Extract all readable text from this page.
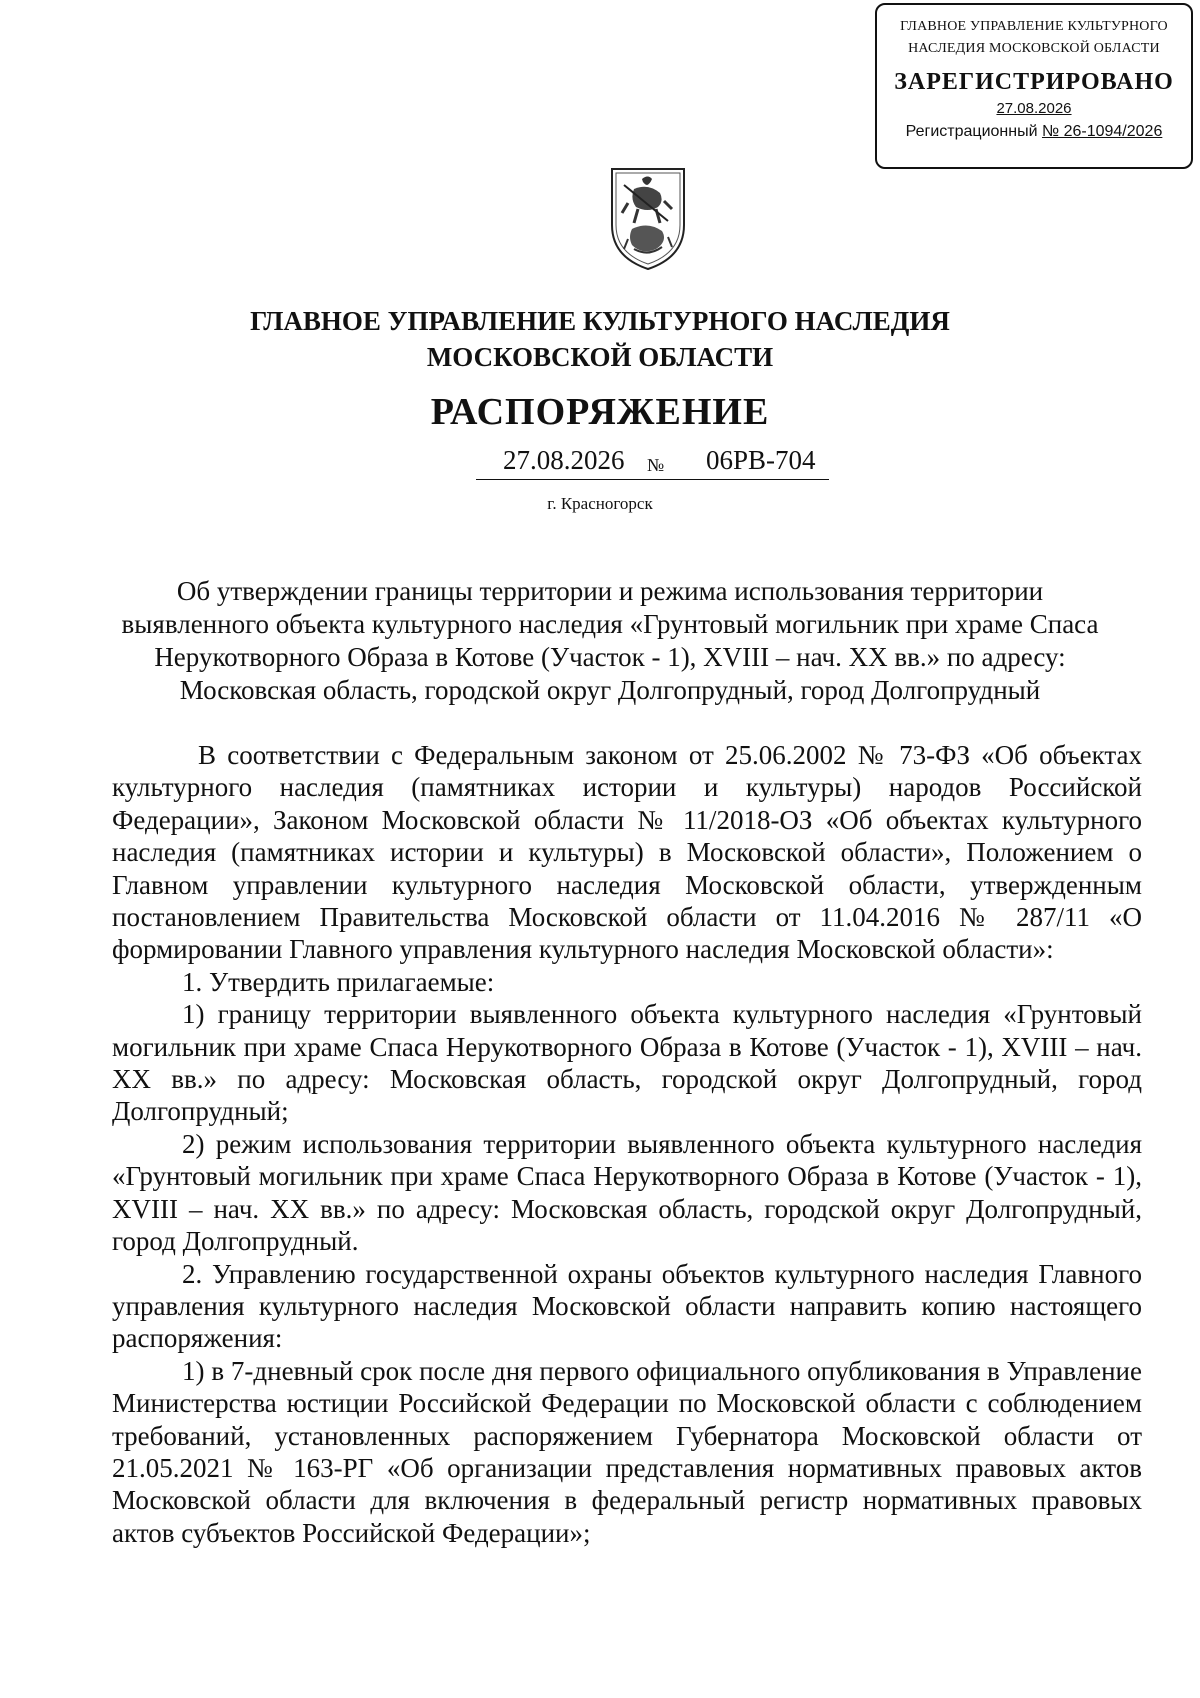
ГЛАВНОЕ УПРАВЛЕНИЕ КУЛЬТУРНОГО
НАСЛЕДИЯ МОСКОВСКОЙ ОБЛАСТИ
ЗАРЕГИСТРИРОВАНО
27.08.2026
Регистрационный № 26-1094/2026
ГЛАВНОЕ УПРАВЛЕНИЕ КУЛЬТУРНОГО НАСЛЕДИЯ
МОСКОВСКОЙ ОБЛАСТИ
РАСПОРЯЖЕНИЕ
27.08.2026 № 06РВ-704
г. Красногорск
Об утверждении границы территории и режима использования территории
выявленного объекта культурного наследия «Грунтовый могильник при храме Спаса
Нерукотворного Образа в Котове (Участок - 1), XVIII – нач. XX вв.» по адресу:
Московская область, городской округ Долгопрудный, город Долгопрудный

В соответствии с Федеральным законом от 25.06.2002 № 73-ФЗ «Об объектах культурного наследия (памятниках истории и культуры) народов Российской Федерации», Законом Московской области № 11/2018-ОЗ «Об объектах культурного наследия (памятниках истории и культуры) в Московской области», Положением о Главном управлении культурного наследия Московской области, утвержденным постановлением Правительства Московской области от 11.04.2016 № 287/11 «О формировании Главного управления культурного наследия Московской области»:

1. Утвердить прилагаемые:

1) границу территории выявленного объекта культурного наследия «Грунтовый могильник при храме Спаса Нерукотворного Образа в Котове (Участок - 1), XVIII – нач. XX вв.» по адресу: Московская область, городской округ Долгопрудный, город Долгопрудный;

2) режим использования территории выявленного объекта культурного наследия «Грунтовый могильник при храме Спаса Нерукотворного Образа в Котове (Участок - 1), XVIII – нач. XX вв.» по адресу: Московская область, городской округ Долгопрудный, город Долгопрудный.

2. Управлению государственной охраны объектов культурного наследия Главного управления культурного наследия Московской области направить копию настоящего распоряжения:

1) в 7-дневный срок после дня первого официального опубликования в Управление Министерства юстиции Российской Федерации по Московской области с соблюдением требований, установленных распоряжением Губернатора Московской области от 21.05.2021 № 163-РГ «Об организации представления нормативных правовых актов Московской области для включения в федеральный регистр нормативных правовых актов субъектов Российской Федерации»;
